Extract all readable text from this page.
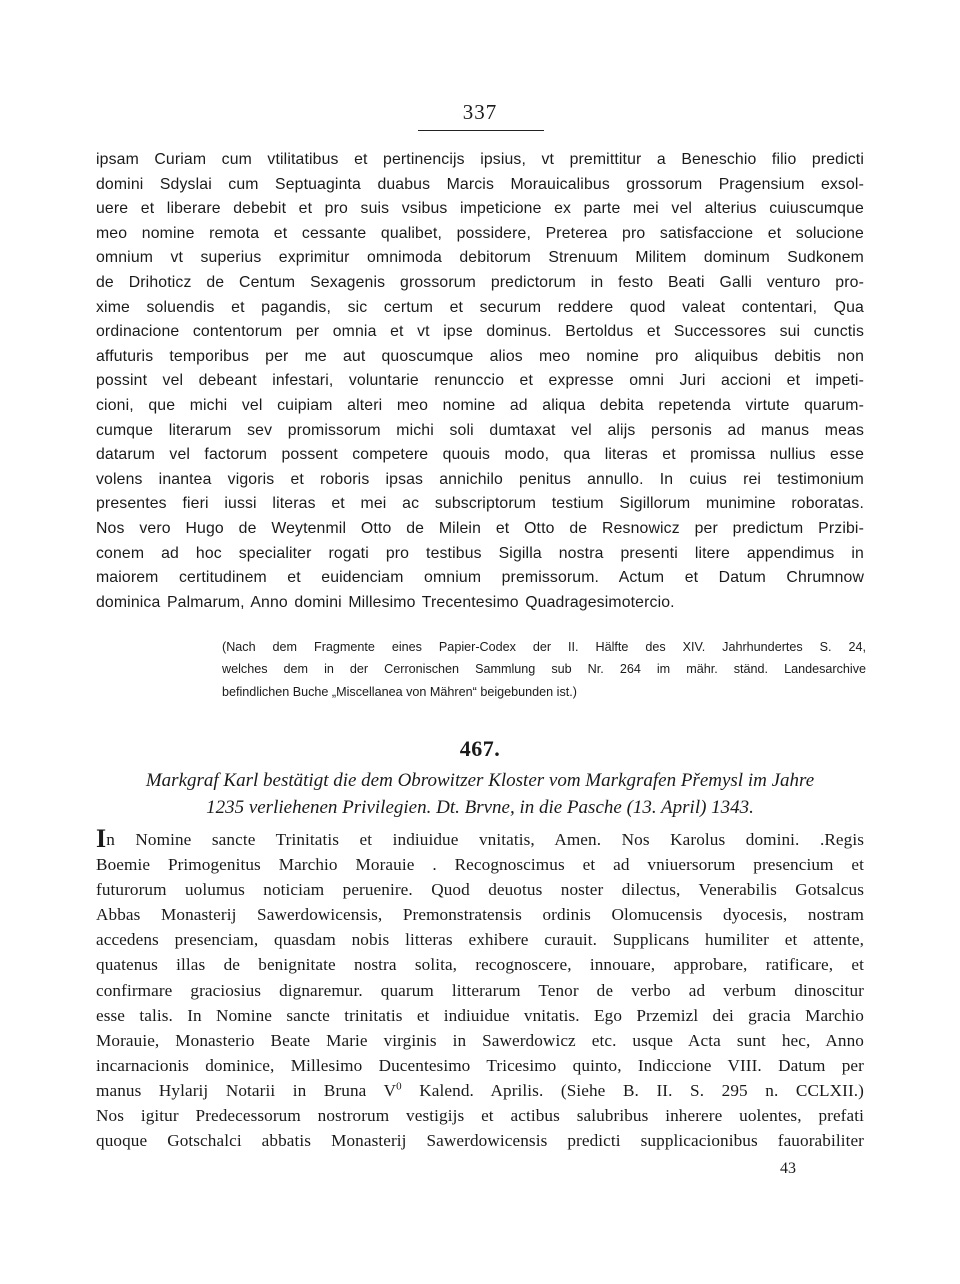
337
ipsam Curiam cum vtilitatibus et pertinencijs ipsius, vt premittitur a Beneschio filio predicti
domini Sdyslai cum Septuaginta duabus Marcis Morauicalibus grossorum Pragensium exsol-
uere et liberare debebit et pro suis vsibus impeticione ex parte mei vel alterius cuiuscumque
meo nomine remota et cessante qualibet, possidere, Preterea pro satisfaccione et solucione
omnium vt superius exprimitur omnimoda debitorum Strenuum Militem dominum Sudkonem
de Drihoticz de Centum Sexagenis grossorum predictorum in festo Beati Galli venturo pro-
xime soluendis et pagandis, sic certum et securum reddere quod valeat contentari, Qua
ordinacione contentorum per omnia et vt ipse dominus. Bertoldus et Successores sui cunctis
affuturis temporibus per me aut quoscumque alios meo nomine pro aliquibus debitis non
possint vel debeant infestari, voluntarie renunccio et expresse omni Juri accioni et impeti-
cioni, que michi vel cuipiam alteri meo nomine ad aliqua debita repetenda virtute quarum-
cumque literarum sev promissorum michi soli dumtaxat vel alijs personis ad manus meas
datarum vel factorum possent competere quouis modo, qua literas et promissa nullius esse
volens inantea vigoris et roboris ipsas annichilo penitus annullo. In cuius rei testimonium
presentes fieri iussi literas et mei ac subscriptorum testium Sigillorum munimine roboratas.
Nos vero Hugo de Weytenmil Otto de Milein et Otto de Resnowicz per predictum Przibi-
conem ad hoc specialiter rogati pro testibus Sigilla nostra presenti litere appendimus in
maiorem certitudinem et euidenciam omnium premissorum. Actum et Datum Chrumnow
dominica Palmarum, Anno domini Millesimo Trecentesimo Quadragesimotercio.
(Nach dem Fragmente eines Papier-Codex der II. Hälfte des XIV. Jahrhundertes S. 24,
welches dem in der Cerronischen Sammlung sub Nr. 264 im mähr. ständ. Landesarchive
befindlichen Buche „Miscellanea von Mähren“ beigebunden ist.)
467.
Markgraf Karl bestätigt die dem Obrowitzer Kloster vom Markgrafen Přemysl im Jahre
1235 verliehenen Privilegien. Dt. Brvne, in die Pasche (13. April) 1343.
In Nomine sancte Trinitatis et indiuidue vnitatis, Amen. Nos Karolus domini. .Regis
Boemie Primogenitus Marchio Morauie . Recognoscimus et ad vniuersorum presencium et
futurorum uolumus noticiam peruenire. Quod deuotus noster dilectus, Venerabilis Gotsalcus
Abbas Monasterij Sawerdowicensis, Premonstratensis ordinis Olomucensis dyocesis, nostram
accedens presenciam, quasdam nobis litteras exhibere curauit. Supplicans humiliter et attente,
quatenus illas de benignitate nostra solita, recognoscere, innouare, approbare, ratificare, et
confirmare graciosius dignaremur. quarum litterarum Tenor de verbo ad verbum dinoscitur
esse talis. In Nomine sancte trinitatis et indiuidue vnitatis. Ego Przemizl dei gracia Marchio
Morauie, Monasterio Beate Marie virginis in Sawerdowicz etc. usque Acta sunt hec, Anno
incarnacionis dominice, Millesimo Ducentesimo Tricesimo quinto, Indiccione VIII. Datum per
manus Hylarij Notarii in Bruna $V^0$ Kalend. Aprilis. (Siehe B. II. S. 295 n. CCLXII.)
Nos igitur Predecessorum nostrorum vestigijs et actibus salubribus inherere uolentes, prefati
quoque Gotschalci abbatis Monasterij Sawerdowicensis predicti supplicacionibus fauorabiliter
43
